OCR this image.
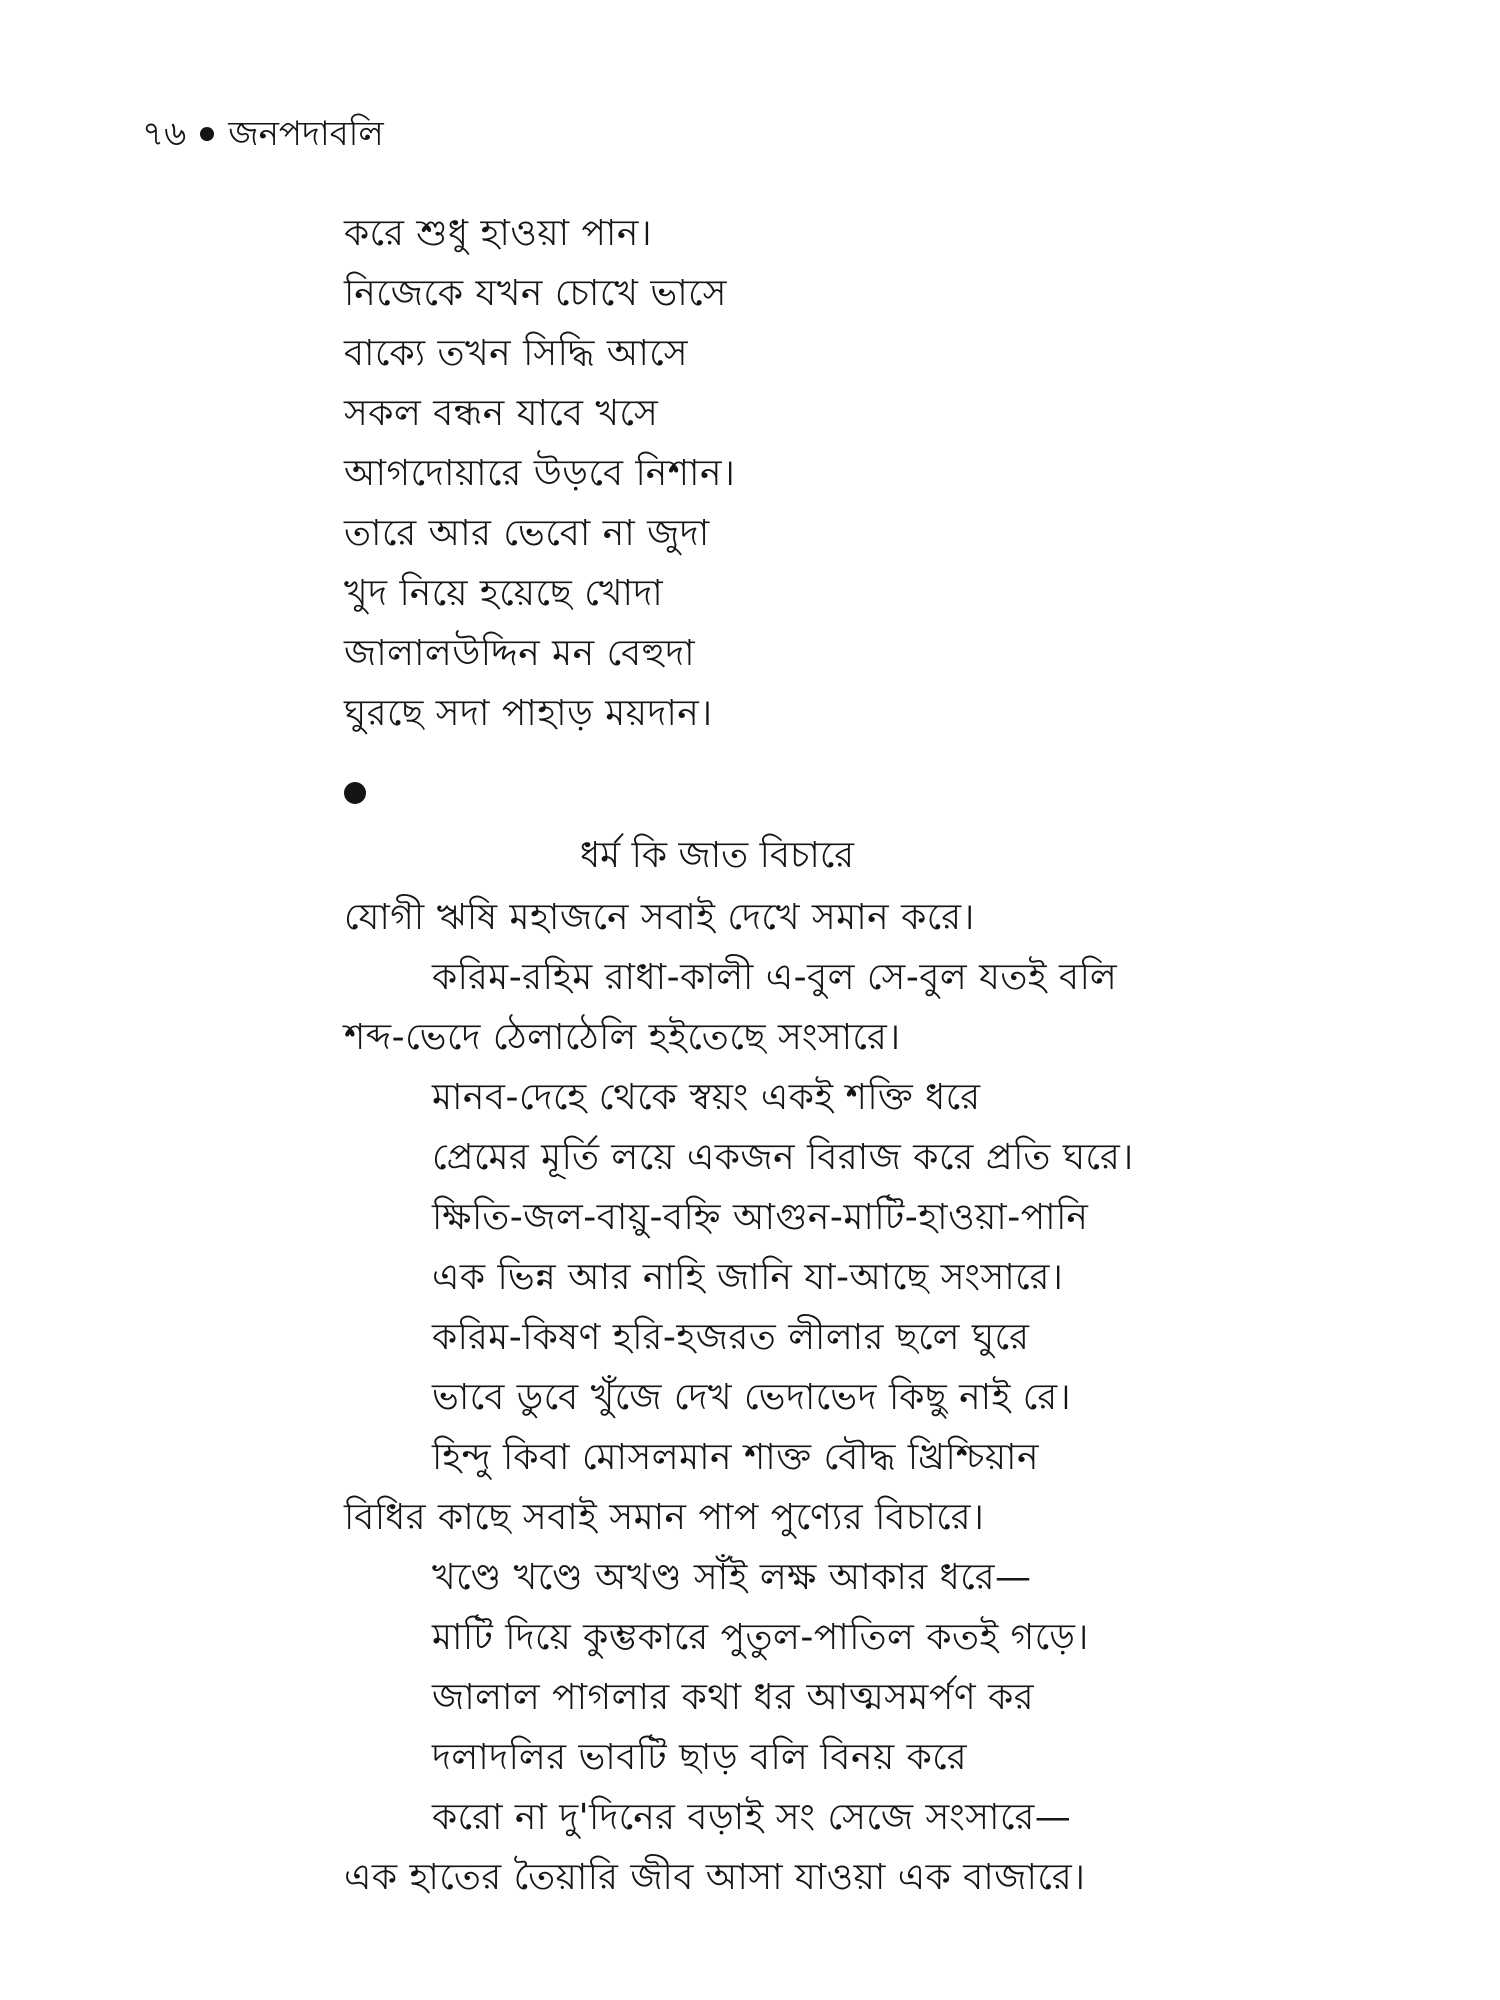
৭৬ জনপদাবলি
করে শুধু হাওয়া পান।
নিজেকে যখন চোখে ভাসে
বাক্যে তখন সিদ্ধি আসে
সকল বন্ধন যাবে খসে
আগদোয়ারে উড়বে নিশান।
তারে আর ভেবো না জুদা
খুদ নিয়ে হয়েছে খোদা
জালালউদ্দিন মন বেহুদা
ঘুরছে সদা পাহাড় ময়দান।
ধর্ম কি জাত বিচারে
যোগী ঋষি মহাজনে সবাই দেখে সমান করে।
করিম-রহিম রাধা-কালী এ-বুল সে-বুল যতই বলি
শব্দ-ভেদে ঠেলাঠেলি হইতেছে সংসারে।
মানব-দেহে থেকে স্বয়ং একই শক্তি ধরে
প্রেমের মূর্তি লয়ে একজন বিরাজ করে প্রতি ঘরে।
ক্ষিতি-জল-বায়ু-বহ্নি আগুন-মাটি-হাওয়া-পানি
এক ভিন্ন আর নাহি জানি যা-আছে সংসারে।
করিম-কিষণ হরি-হজরত লীলার ছলে ঘুরে
ভাবে ডুবে খুঁজে দেখ ভেদাভেদ কিছু নাই রে।
হিন্দু কিবা মোসলমান শাক্ত বৌদ্ধ খ্রিশ্চিয়ান
বিধির কাছে সবাই সমান পাপ পুণ্যের বিচারে।
খণ্ডে খণ্ডে অখণ্ড সাঁই লক্ষ আকার ধরে—
মাটি দিয়ে কুম্ভকারে পুতুল-পাতিল কতই গড়ে।
জালাল পাগলার কথা ধর আত্মসমর্পণ কর
দলাদলির ভাবটি ছাড় বলি বিনয় করে
করো না দু'দিনের বড়াই সং সেজে সংসারে—
এক হাতের তৈয়ারি জীব আসা যাওয়া এক বাজারে।
